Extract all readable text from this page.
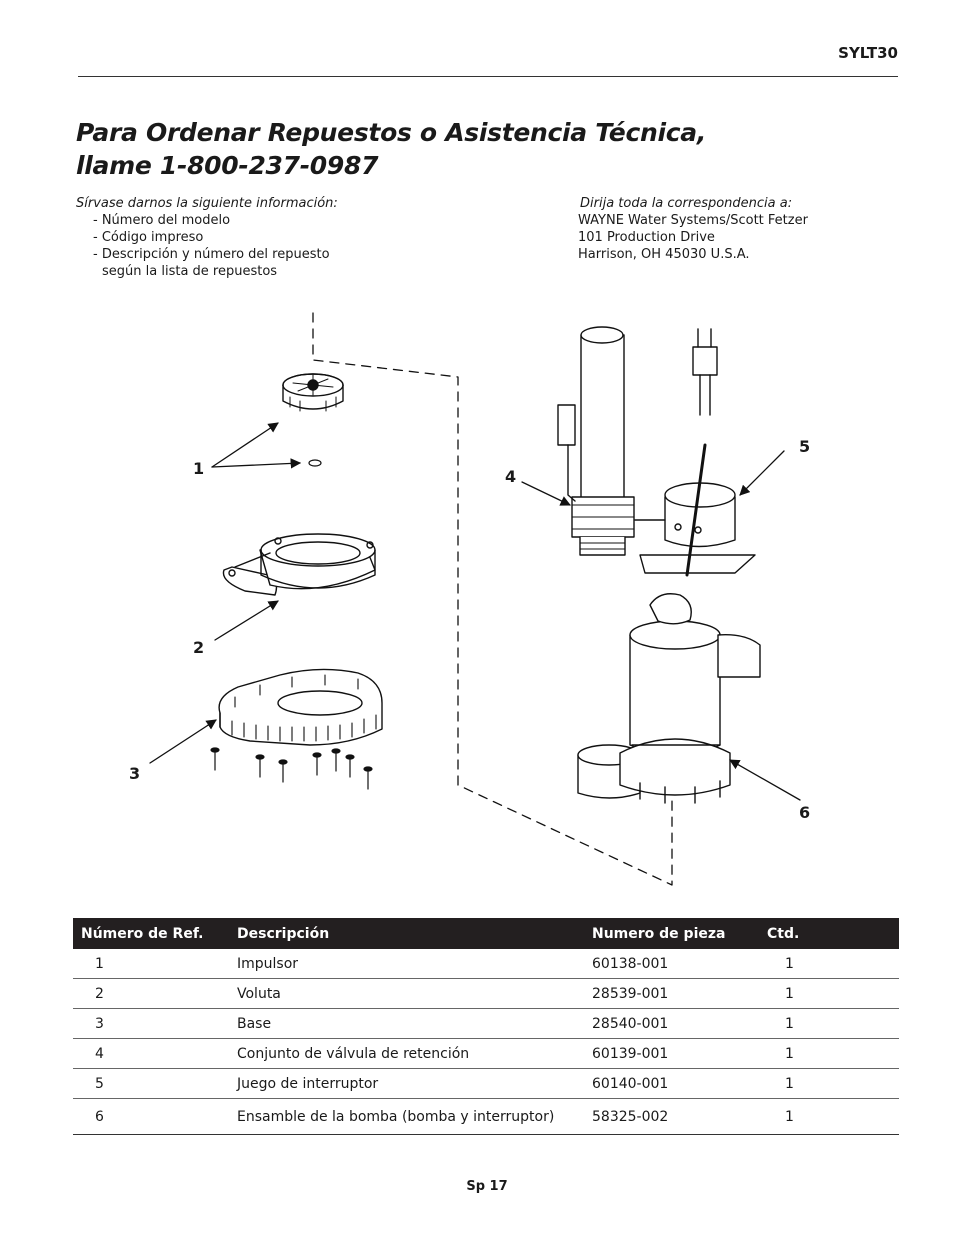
SYLT30
Para Ordenar Repuestos o Asistencia Técnica,
llame 1-800-237-0987
Sírvase darnos la siguiente información:
- Número del modelo
- Código impreso
- Descripción y número del repuesto
según la lista de repuestos
Dirija toda la correspondencia a:
WAYNE Water Systems/Scott Fetzer
101 Production Drive
Harrison, OH 45030 U.S.A.
1
2
3
4
5
6
Número de Ref.	Descripción	Numero de pieza	Ctd.
1	Impulsor	60138-001	1
2	Voluta	28539-001	1
3	Base	28540-001	1
4	Conjunto de válvula de retención	60139-001	1
5	Juego de interruptor	60140-001	1
6	Ensamble de la bomba (bomba y interruptor)	58325-002	1
Sp 17
